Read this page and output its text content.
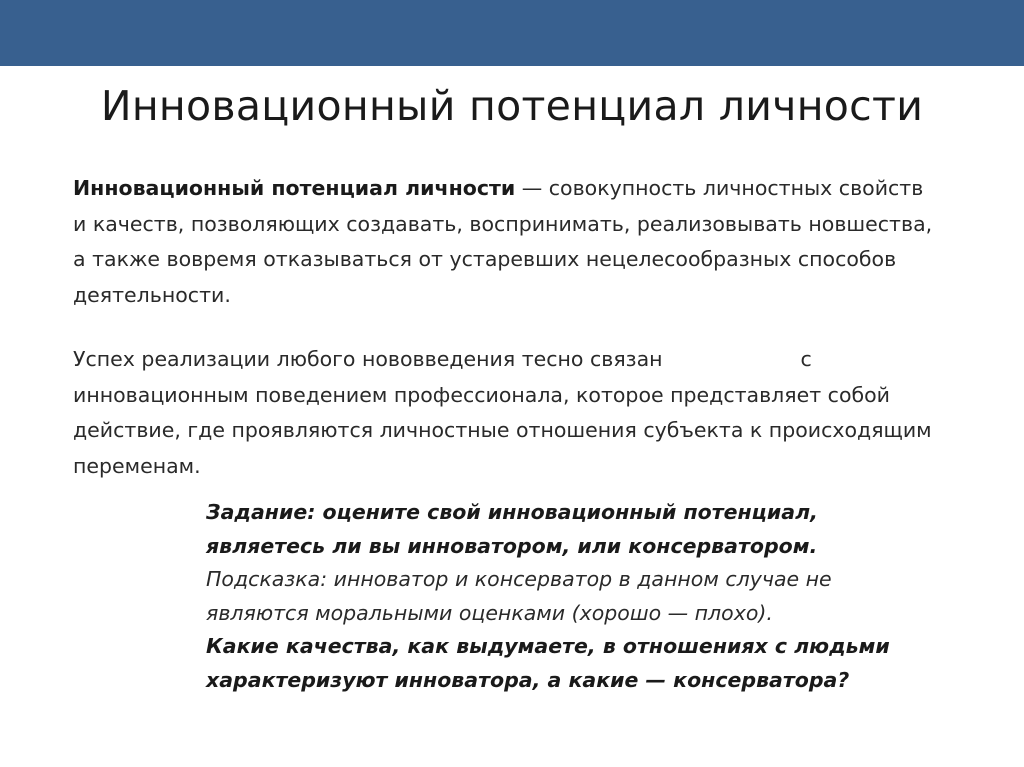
Инновационный потенциал личности

Инновационный потенциал личности — совокупность личностных свойств и качеств, позволяющих создавать, воспринимать, реализовывать новшества, а также вовремя отказываться от устаревших нецелесообразных способов деятельности.

Успех реализации любого нововведения тесно связан	с инновационным поведением профессионала, которое представляет собой действие, где проявляются личностные отношения субъекта к происходящим переменам.

Задание: оцените свой инновационный потенциал,
являетесь ли вы инноватором, или консерватором.
Подсказка: инноватор и консерватор в данном случае не
являются моральными оценками (хорошо — плохо).
Какие качества, как выдумаете, в отношениях с людьми
характеризуют инноватора, а какие — консерватора?
